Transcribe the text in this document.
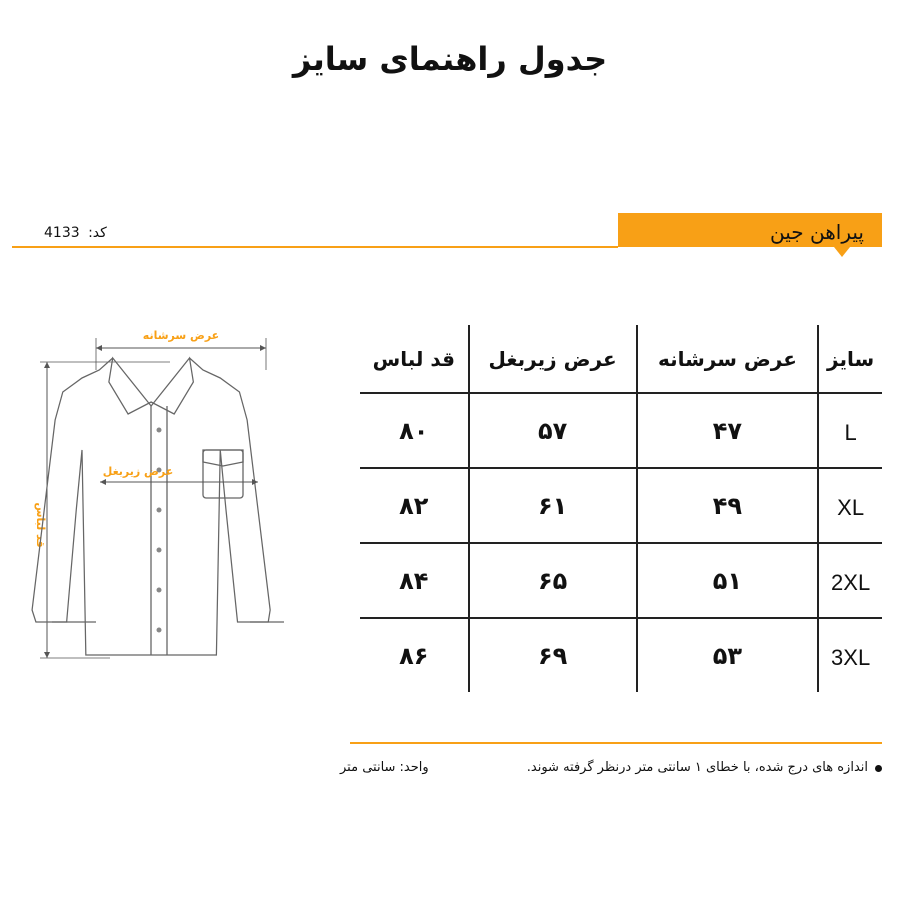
جدول راهنمای سایز
پیراهن جین
کد: 4133
عرض سرشانه
قد لباس
عرض زیربغل
سایز	عرض سرشانه	عرض زیربغل	قد لباس
L	۴۷	۵۷	۸۰
XL	۴۹	۶۱	۸۲
2XL	۵۱	۶۵	۸۴
3XL	۵۳	۶۹	۸۶
اندازه های درج شده، با خطای ۱ سانتی متر درنظر گرفته شوند.
واحد: سانتی متر
